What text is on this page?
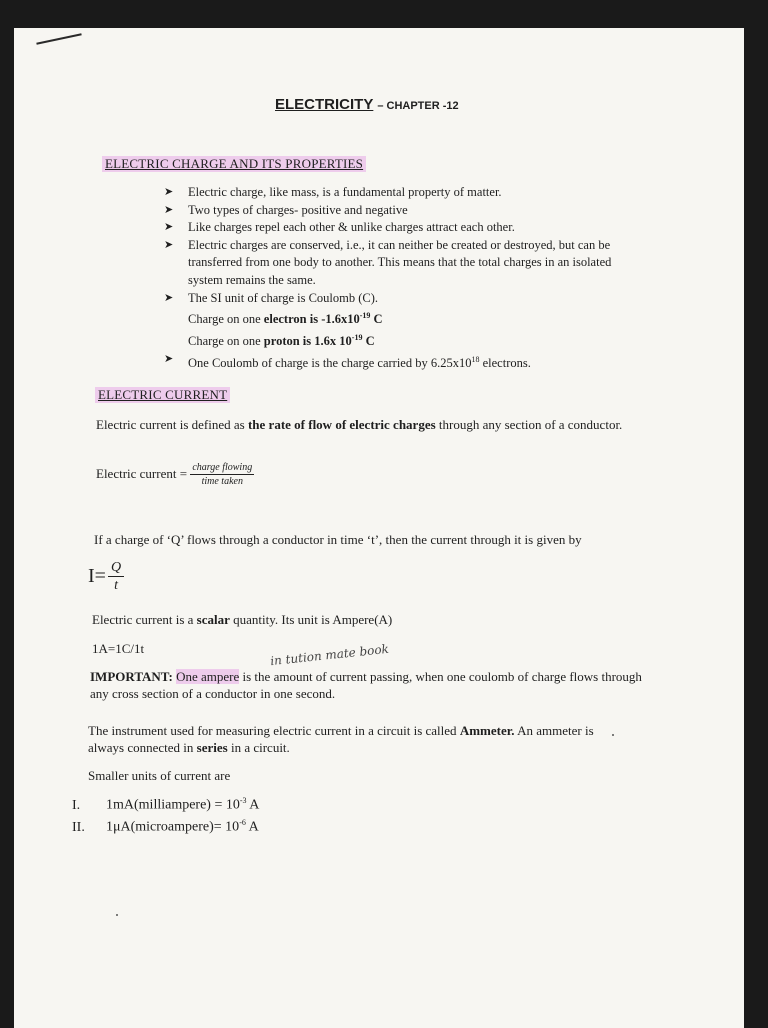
ELECTRICITY – CHAPTER -12
ELECTRIC CHARGE AND ITS PROPERTIES
➤ Electric charge, like mass, is a fundamental property of matter.
➤ Two types of charges- positive and negative
➤ Like charges repel each other & unlike charges attract each other.
➤ Electric charges are conserved, i.e., it can neither be created or destroyed, but can be transferred from one body to another. This means that the total charges in an isolated system remains the same.
➤ The SI unit of charge is Coulomb (C).
Charge on one electron is $-1.6x10^{-19}$ C
Charge on one proton is 1.6x $10^{-19}$ C
➤ One Coulomb of charge is the charge carried by $6.25x10^{18}$ electrons.
ELECTRIC CURRENT
Electric current is defined as the rate of flow of electric charges through any section of a conductor.
Electric current = $\frac{\text{charge flowing}}{\text{time taken}}$
If a charge of ‘Q’ flows through a conductor in time ‘t’, then the current through it is given by
$I= \frac{Q}{t}$
Electric current is a scalar quantity. Its unit is Ampere(A)
1A=1C/1t	in tution mate book
IMPORTANT: One ampere is the amount of current passing, when one coulomb of charge flows through any cross section of a conductor in one second.
The instrument used for measuring electric current in a circuit is called Ammeter. An ammeter is always connected in series in a circuit.
Smaller units of current are
I. 1mA(milliampere) = $10^{-3}$ A
II. 1μA(microampere)= $10^{-6}$ A
